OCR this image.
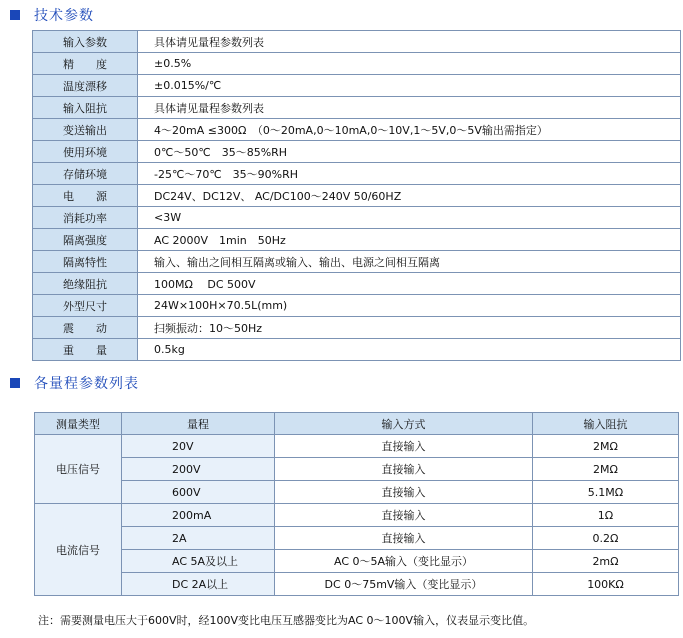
技术参数
输入参数	具体请见量程参数列表
精　　度	±0.5%
温度漂移	±0.015%/℃
输入阻抗	具体请见量程参数列表
变送输出	4～20mA ≤300Ω　（0～20mA,0～10mA,0～10V,1～5V,0～5V输出需指定）
使用环境	0℃～50℃　35～85%RH
存储环境	-25℃～70℃　35～90%RH
电　　源	DC24V、DC12V、 AC/DC100～240V 50/60HZ
消耗功率	<3W
隔离强度	AC 2000V　1min　50Hz
隔离特性	输入、输出之间相互隔离或输入、输出、电源之间相互隔离
绝缘阻抗	100MΩ　 DC 500V
外型尺寸	24W×100H×70.5L(mm)
震　　动	扫频振动：10～50Hz
重　　量	0.5kg
各量程参数列表
测量类型	量程	输入方式	输入阻抗
电压信号	20V	直接输入	2MΩ
	200V	直接输入	2MΩ
	600V	直接输入	5.1MΩ
电流信号	200mA	直接输入	1Ω
	2A	直接输入	0.2Ω
	AC 5A及以上	AC 0～5A输入（变比显示）	2mΩ
	DC 2A以上	DC 0～75mV输入（变比显示）	100KΩ
注：需要测量电压大于600V时，经100V变比电压互感器变比为AC 0～100V输入，仪表显示变比值。
